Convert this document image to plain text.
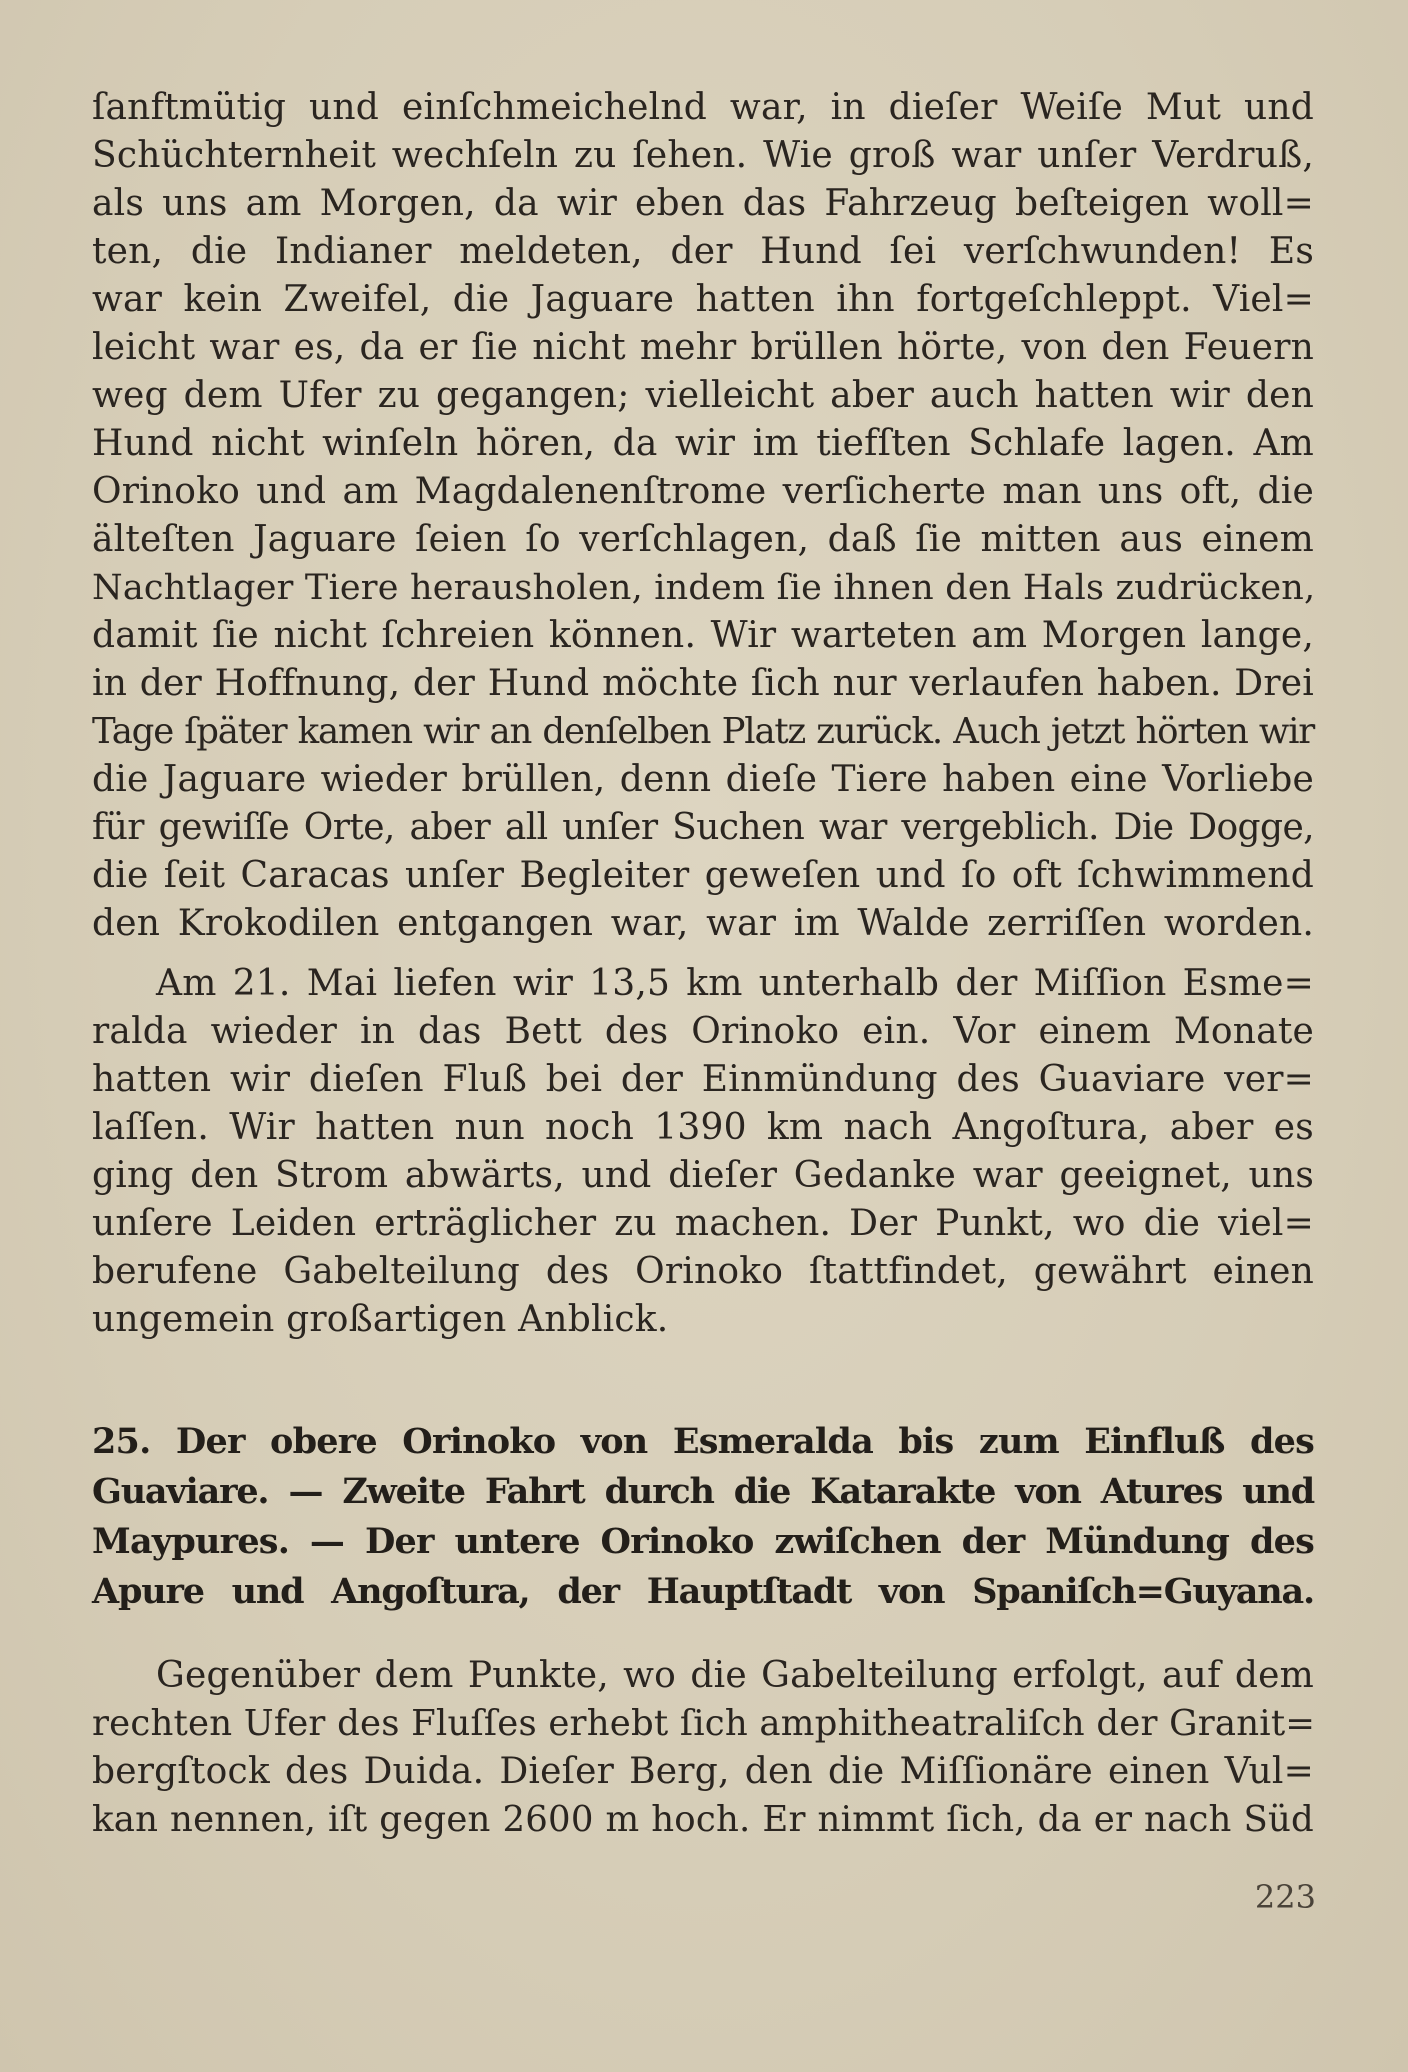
ſanftmütig und einſchmeichelnd war, in dieſer Weiſe Mut und
Schüchternheit wechſeln zu ſehen. Wie groß war unſer Verdruß,
als uns am Morgen, da wir eben das Fahrzeug beſteigen woll=
ten, die Indianer meldeten, der Hund ſei verſchwunden! Es
war kein Zweifel, die Jaguare hatten ihn fortgeſchleppt. Viel=
leicht war es, da er ſie nicht mehr brüllen hörte, von den Feuern
weg dem Ufer zu gegangen; vielleicht aber auch hatten wir den
Hund nicht winſeln hören, da wir im tiefſten Schlafe lagen. Am
Orinoko und am Magdalenenſtrome verſicherte man uns oft, die
älteſten Jaguare ſeien ſo verſchlagen, daß ſie mitten aus einem
Nachtlager Tiere herausholen, indem ſie ihnen den Hals zudrücken,
damit ſie nicht ſchreien können. Wir warteten am Morgen lange,
in der Hoffnung, der Hund möchte ſich nur verlaufen haben. Drei
Tage ſpäter kamen wir an denſelben Platz zurück. Auch jetzt hörten wir
die Jaguare wieder brüllen, denn dieſe Tiere haben eine Vorliebe
für gewiſſe Orte, aber all unſer Suchen war vergeblich. Die Dogge,
die ſeit Caracas unſer Begleiter geweſen und ſo oft ſchwimmend
den Krokodilen entgangen war, war im Walde zerriſſen worden.
Am 21. Mai liefen wir 13,5 km unterhalb der Miſſion Esme=
ralda wieder in das Bett des Orinoko ein. Vor einem Monate
hatten wir dieſen Fluß bei der Einmündung des Guaviare ver=
laſſen. Wir hatten nun noch 1390 km nach Angoſtura, aber es
ging den Strom abwärts, und dieſer Gedanke war geeignet, uns
unſere Leiden erträglicher zu machen. Der Punkt, wo die viel=
berufene Gabelteilung des Orinoko ſtattfindet, gewährt einen
ungemein großartigen Anblick.
25. Der obere Orinoko von Esmeralda bis zum Einfluß des
Guaviare. — Zweite Fahrt durch die Katarakte von Atures und
Maypures. — Der untere Orinoko zwiſchen der Mündung des
Apure und Angoſtura, der Hauptſtadt von Spaniſch=Guyana.
Gegenüber dem Punkte, wo die Gabelteilung erfolgt, auf dem
rechten Ufer des Fluſſes erhebt ſich amphitheatraliſch der Granit=
bergſtock des Duida. Dieſer Berg, den die Miſſionäre einen Vul=
kan nennen, iſt gegen 2600 m hoch. Er nimmt ſich, da er nach Süd
223
